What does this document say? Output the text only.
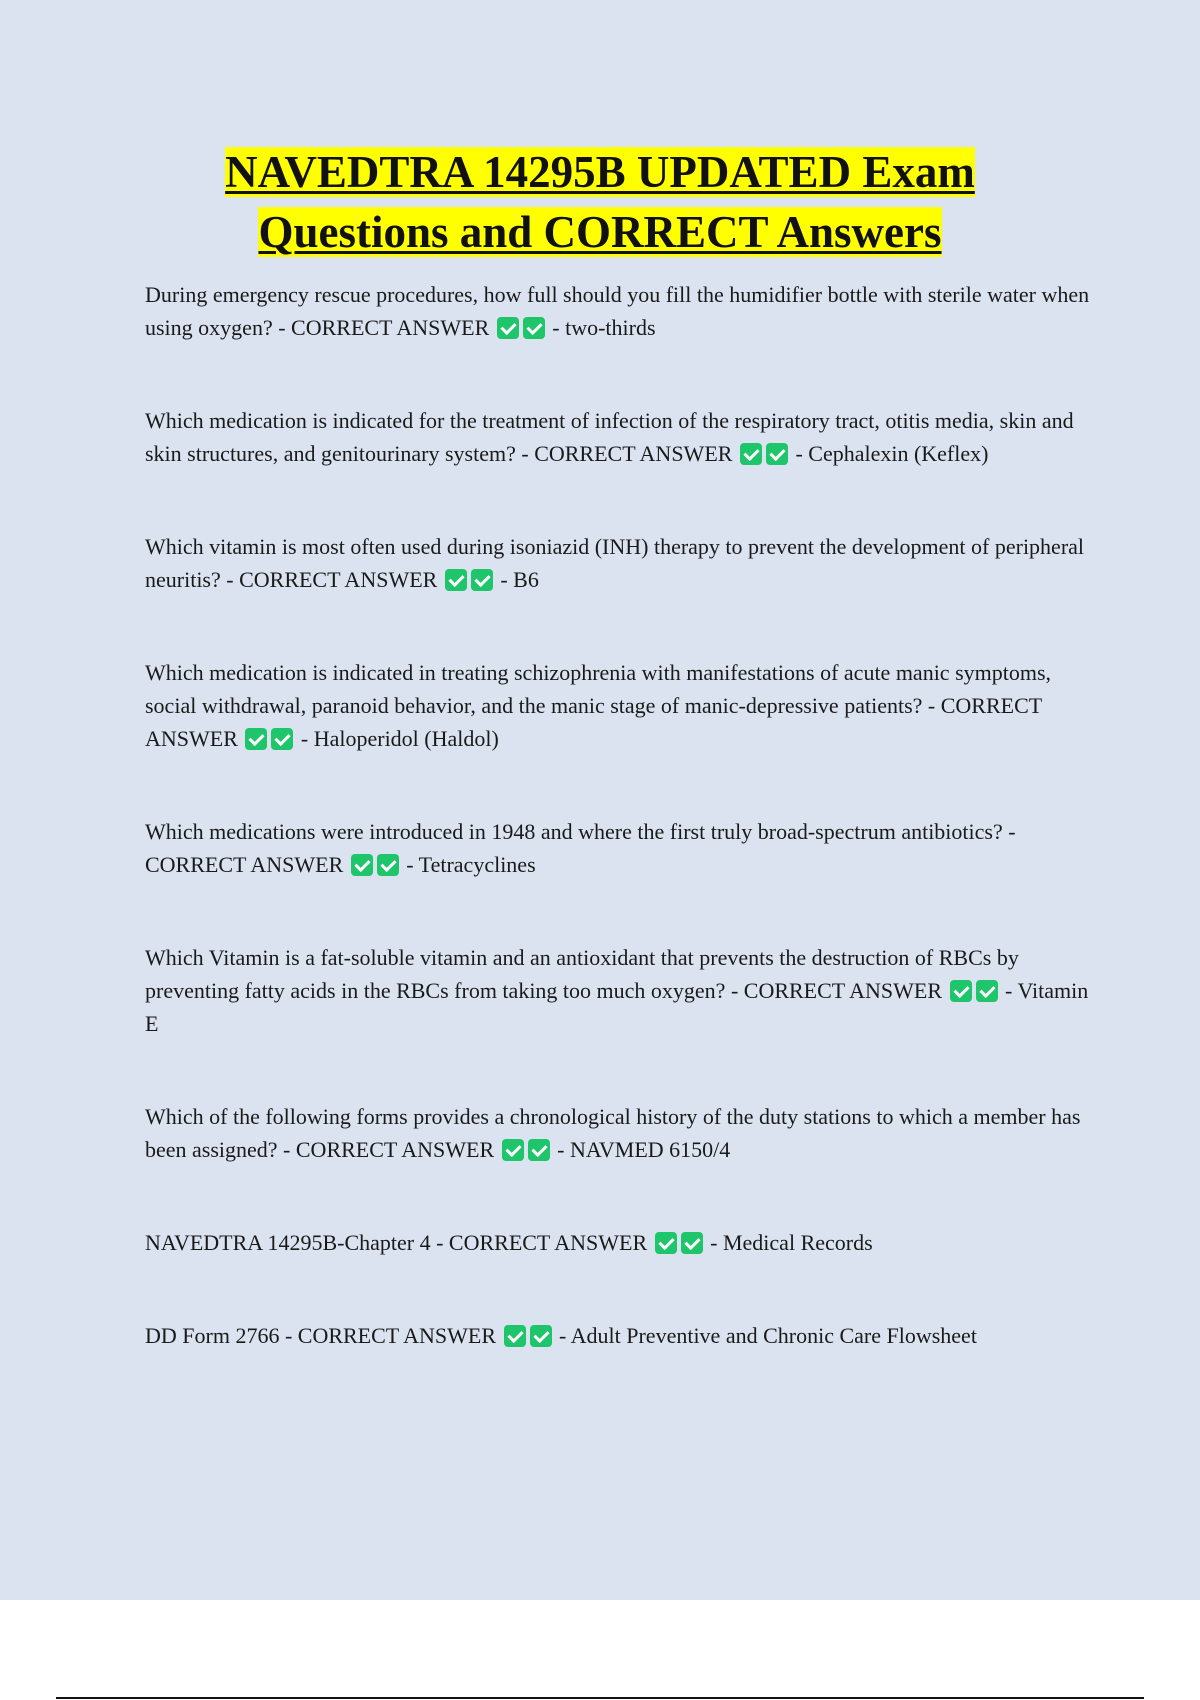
NAVEDTRA 14295B UPDATED Exam
Questions and CORRECT Answers

During emergency rescue procedures, how full should you fill the humidifier bottle with sterile water when using oxygen? - CORRECT ANSWER	- two-thirds

Which medication is indicated for the treatment of infection of the respiratory tract, otitis media, skin and skin structures, and genitourinary system? - CORRECT ANSWER	- Cephalexin (Keflex)

Which vitamin is most often used during isoniazid (INH) therapy to prevent the development of peripheral neuritis? - CORRECT ANSWER	- B6

Which medication is indicated in treating schizophrenia with manifestations of acute manic symptoms, social withdrawal, paranoid behavior, and the manic stage of manic-depressive patients? - CORRECT ANSWER	- Haloperidol (Haldol)

Which medications were introduced in 1948 and where the first truly broad-spectrum antibiotics? - CORRECT ANSWER	- Tetracyclines

Which Vitamin is a fat-soluble vitamin and an antioxidant that prevents the destruction of RBCs by preventing fatty acids in the RBCs from taking too much oxygen? - CORRECT ANSWER	- Vitamin E

Which of the following forms provides a chronological history of the duty stations to which a member has been assigned? - CORRECT ANSWER	- NAVMED 6150/4

NAVEDTRA 14295B-Chapter 4 - CORRECT ANSWER	- Medical Records

DD Form 2766 - CORRECT ANSWER	- Adult Preventive and Chronic Care Flowsheet
